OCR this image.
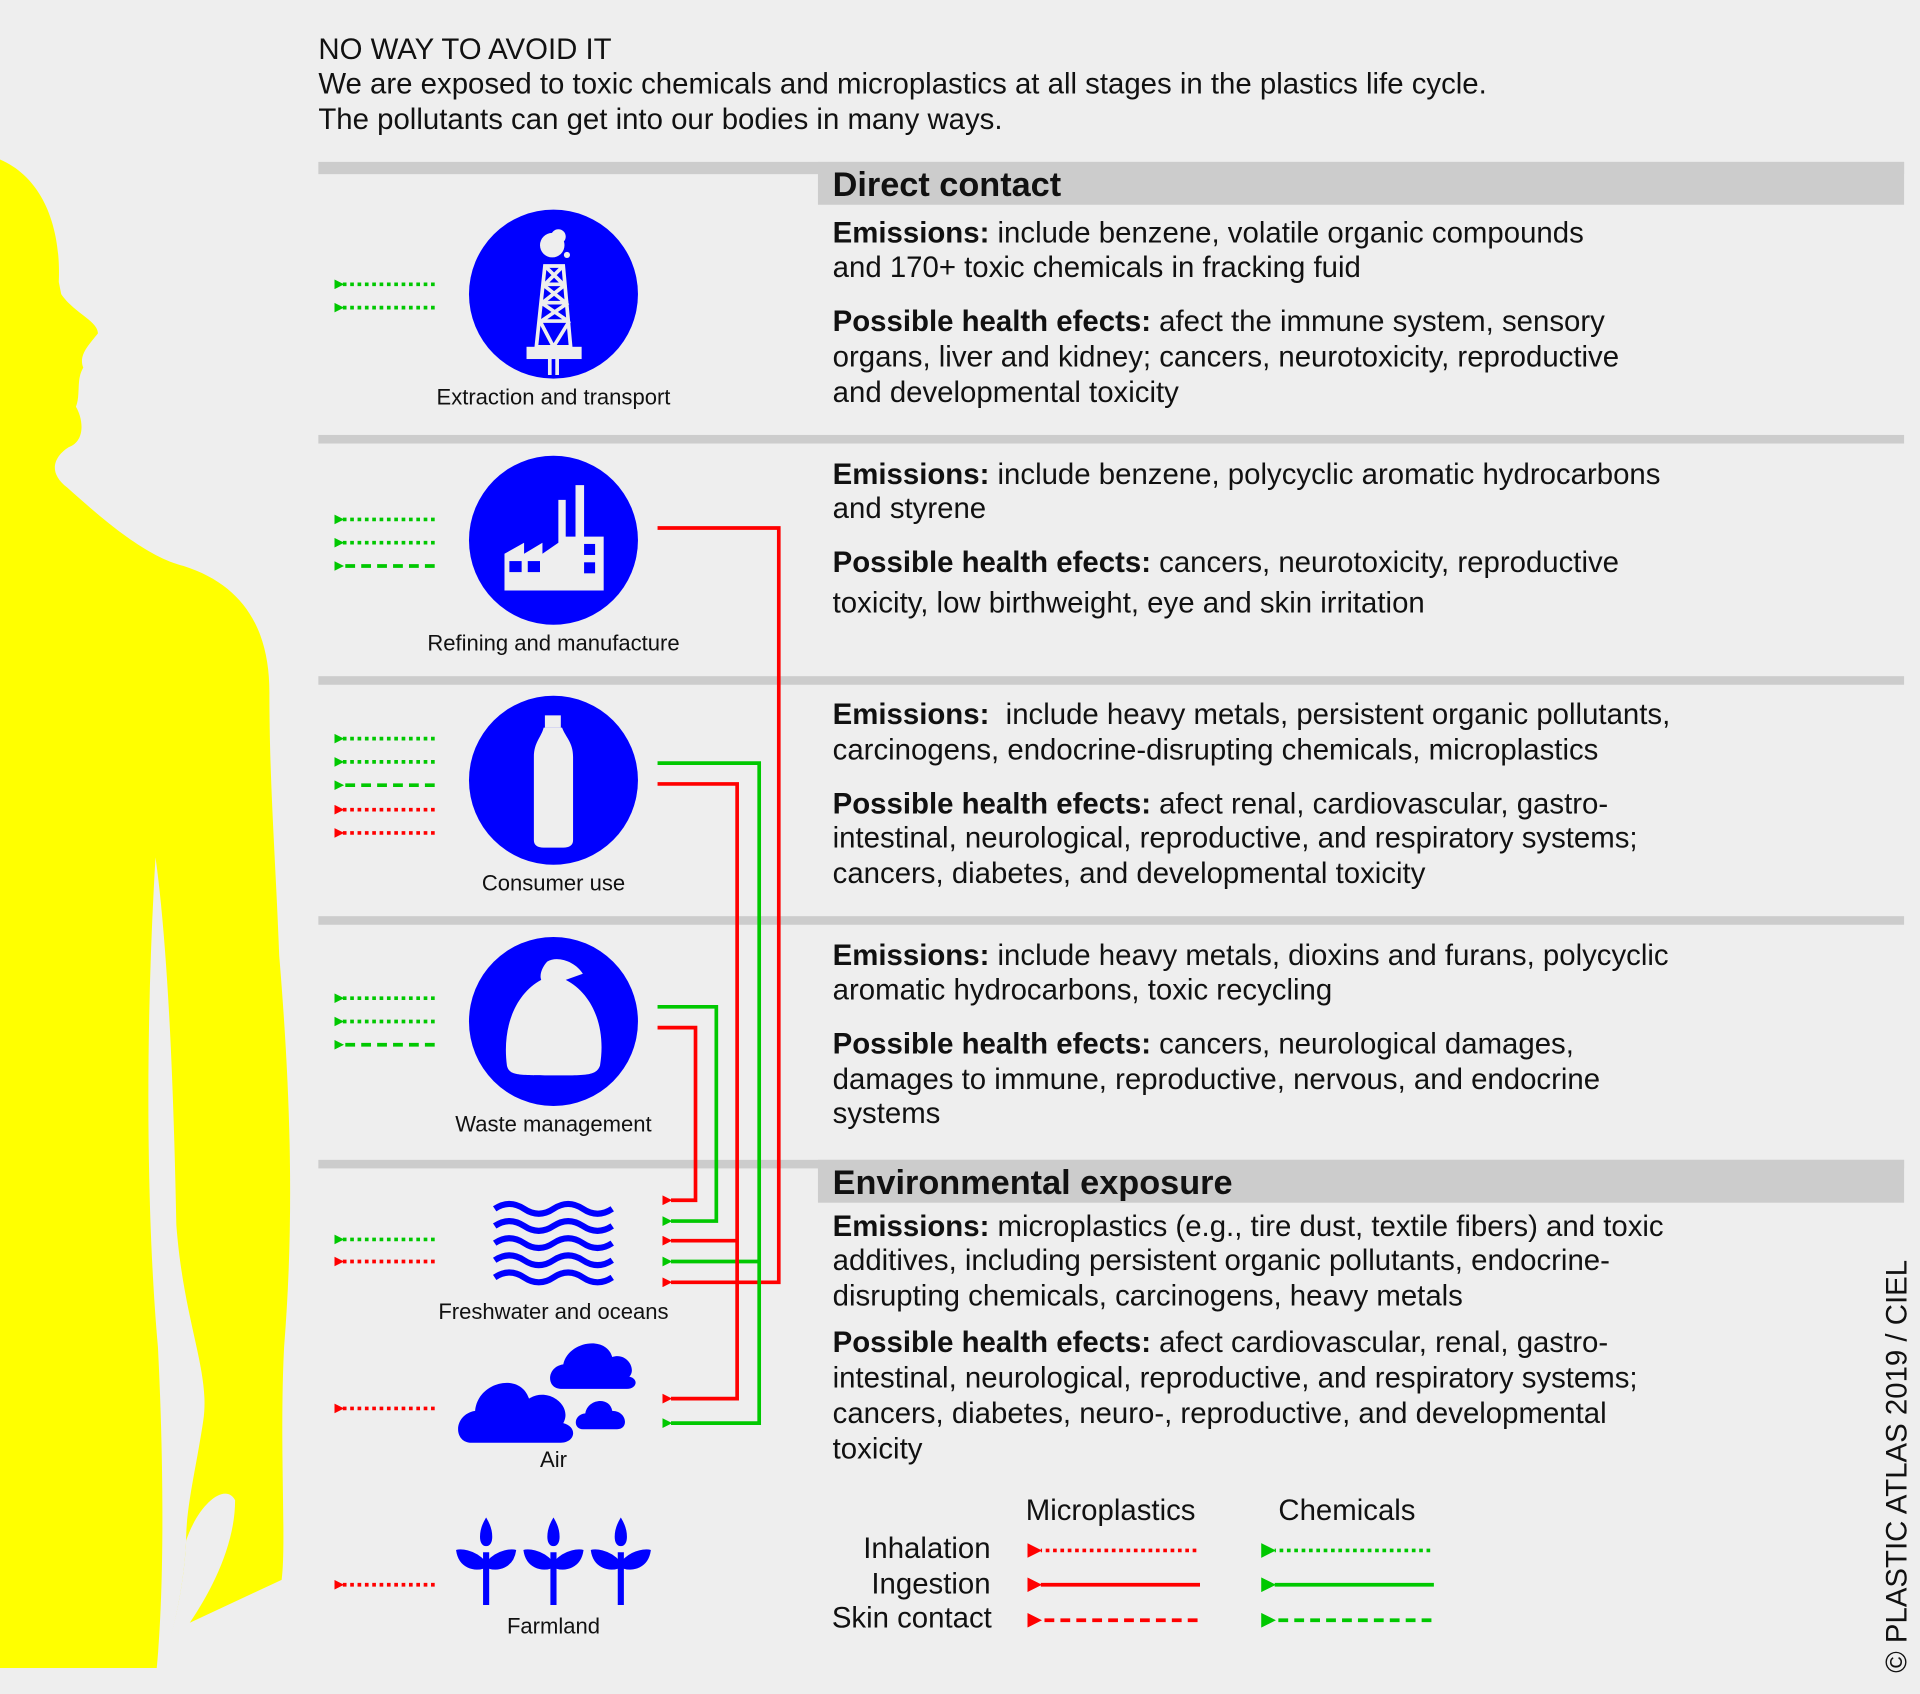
NO WAY TO AVOID IT
We are exposed to toxic chemicals and microplastics at all stages in the plastics life cycle.
The pollutants can get into our bodies in many ways.
Direct contact
Environmental exposure
Extraction and transport
Refining and manufacture
Consumer use
Waste management
Freshwater and oceans
Air
Farmland
Emissions: include benzene, volatile organic compounds
and 170+ toxic chemicals in fracking fuid
Possible health efects: afect the immune system, sensory
organs, liver and kidney; cancers, neurotoxicity, reproductive
and developmental toxicity
Emissions: include benzene, polycyclic aromatic hydrocarbons
and styrene
Possible health efects: cancers, neurotoxicity, reproductive
toxicity, low birthweight, eye and skin irritation
Emissions:  include heavy metals, persistent organic pollutants,
carcinogens, endocrine-disrupting chemicals, microplastics
Possible health efects: afect renal, cardiovascular, gastro-
intestinal, neurological, reproductive, and respiratory systems;
cancers, diabetes, and developmental toxicity
Emissions: include heavy metals, dioxins and furans, polycyclic
aromatic hydrocarbons, toxic recycling
Possible health efects: cancers, neurological damages,
damages to immune, reproductive, nervous, and endocrine
systems
Emissions: microplastics (e.g., tire dust, textile fibers) and toxic
additives, including persistent organic pollutants, endocrine-
disrupting chemicals, carcinogens, heavy metals
Possible health efects: afect cardiovascular, renal, gastro-
intestinal, neurological, reproductive, and respiratory systems;
cancers, diabetes, neuro-, reproductive, and developmental
toxicity
Microplastics	Chemicals
Inhalation
Ingestion
Skin contact	© PLASTIC ATLAS 2019 / CIEL
